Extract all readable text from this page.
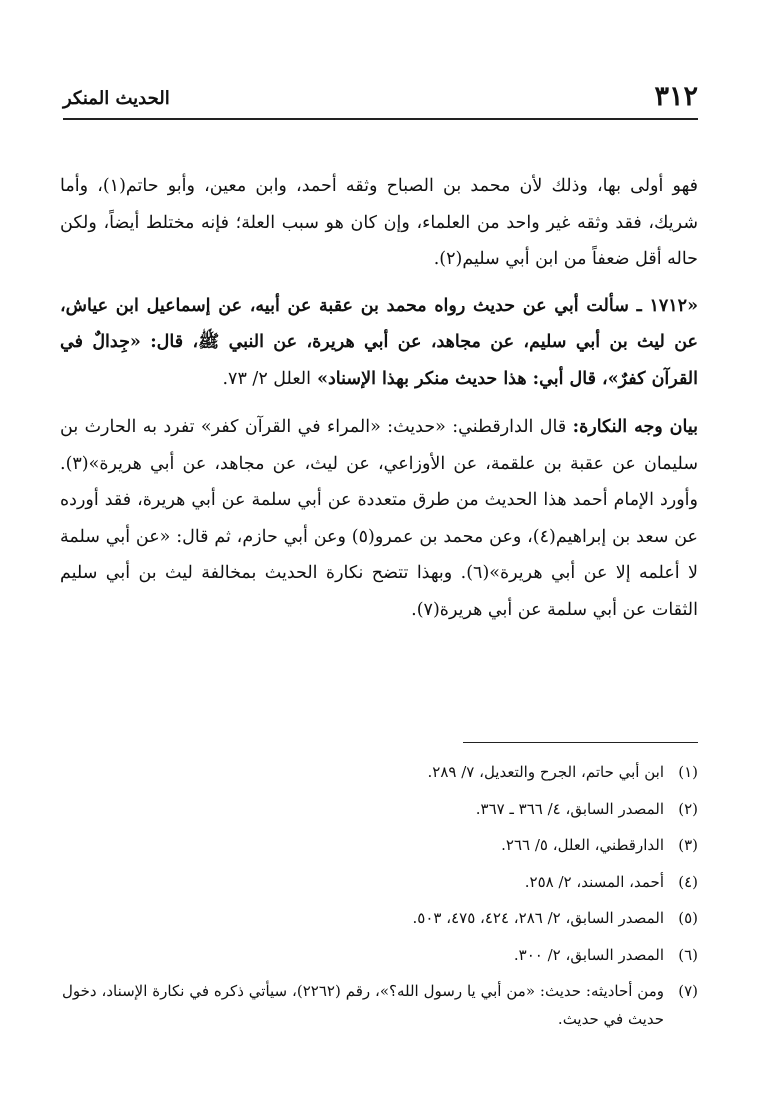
٣١٢
الحديث المنكر

فهو أولى بها، وذلك لأن محمد بن الصباح وثقه أحمد، وابن معين، وأبو حاتم(١)، وأما شريك، فقد وثقه غير واحد من العلماء، وإن كان هو سبب العلة؛ فإنه مختلط أيضاً، ولكن حاله أقل ضعفاً من ابن أبي سليم(٢).

«١٧١٢ ـ سألت أبي عن حديث رواه محمد بن عقبة عن أبيه، عن إسماعيل ابن عياش، عن ليث بن أبي سليم، عن مجاهد، عن أبي هريرة، عن النبي ﷺ، قال: «جِدالٌ في القرآن كفرٌ»، قال أبي: هذا حديث منكر بهذا الإسناد» العلل ٢/ ٧٣.

بيان وجه النكارة: قال الدارقطني: «حديث: «المراء في القرآن كفر» تفرد به الحارث بن سليمان عن عقبة بن علقمة، عن الأوزاعي، عن ليث، عن مجاهد، عن أبي هريرة»(٣). وأورد الإمام أحمد هذا الحديث من طرق متعددة عن أبي سلمة عن أبي هريرة، فقد أورده عن سعد بن إبراهيم(٤)، وعن محمد بن عمرو(٥) وعن أبي حازم، ثم قال: «عن أبي سلمة لا أعلمه إلا عن أبي هريرة»(٦). وبهذا تتضح نكارة الحديث بمخالفة ليث بن أبي سليم الثقات عن أبي سلمة عن أبي هريرة(٧).

(١)
ابن أبي حاتم، الجرح والتعديل، ٧/ ٢٨٩.
(٢)
المصدر السابق، ٤/ ٣٦٦ ـ ٣٦٧.
(٣)
الدارقطني، العلل، ٥/ ٢٦٦.
(٤)
أحمد، المسند، ٢/ ٢٥٨.
(٥)
المصدر السابق، ٢/ ٢٨٦، ٤٢٤، ٤٧٥، ٥٠٣.
(٦)
المصدر السابق، ٢/ ٣٠٠.
(٧)
ومن أحاديثه: حديث: «من أبي يا رسول الله؟»، رقم (٢٢٦٢)، سيأتي ذكره في نكارة الإسناد، دخول حديث في حديث.
